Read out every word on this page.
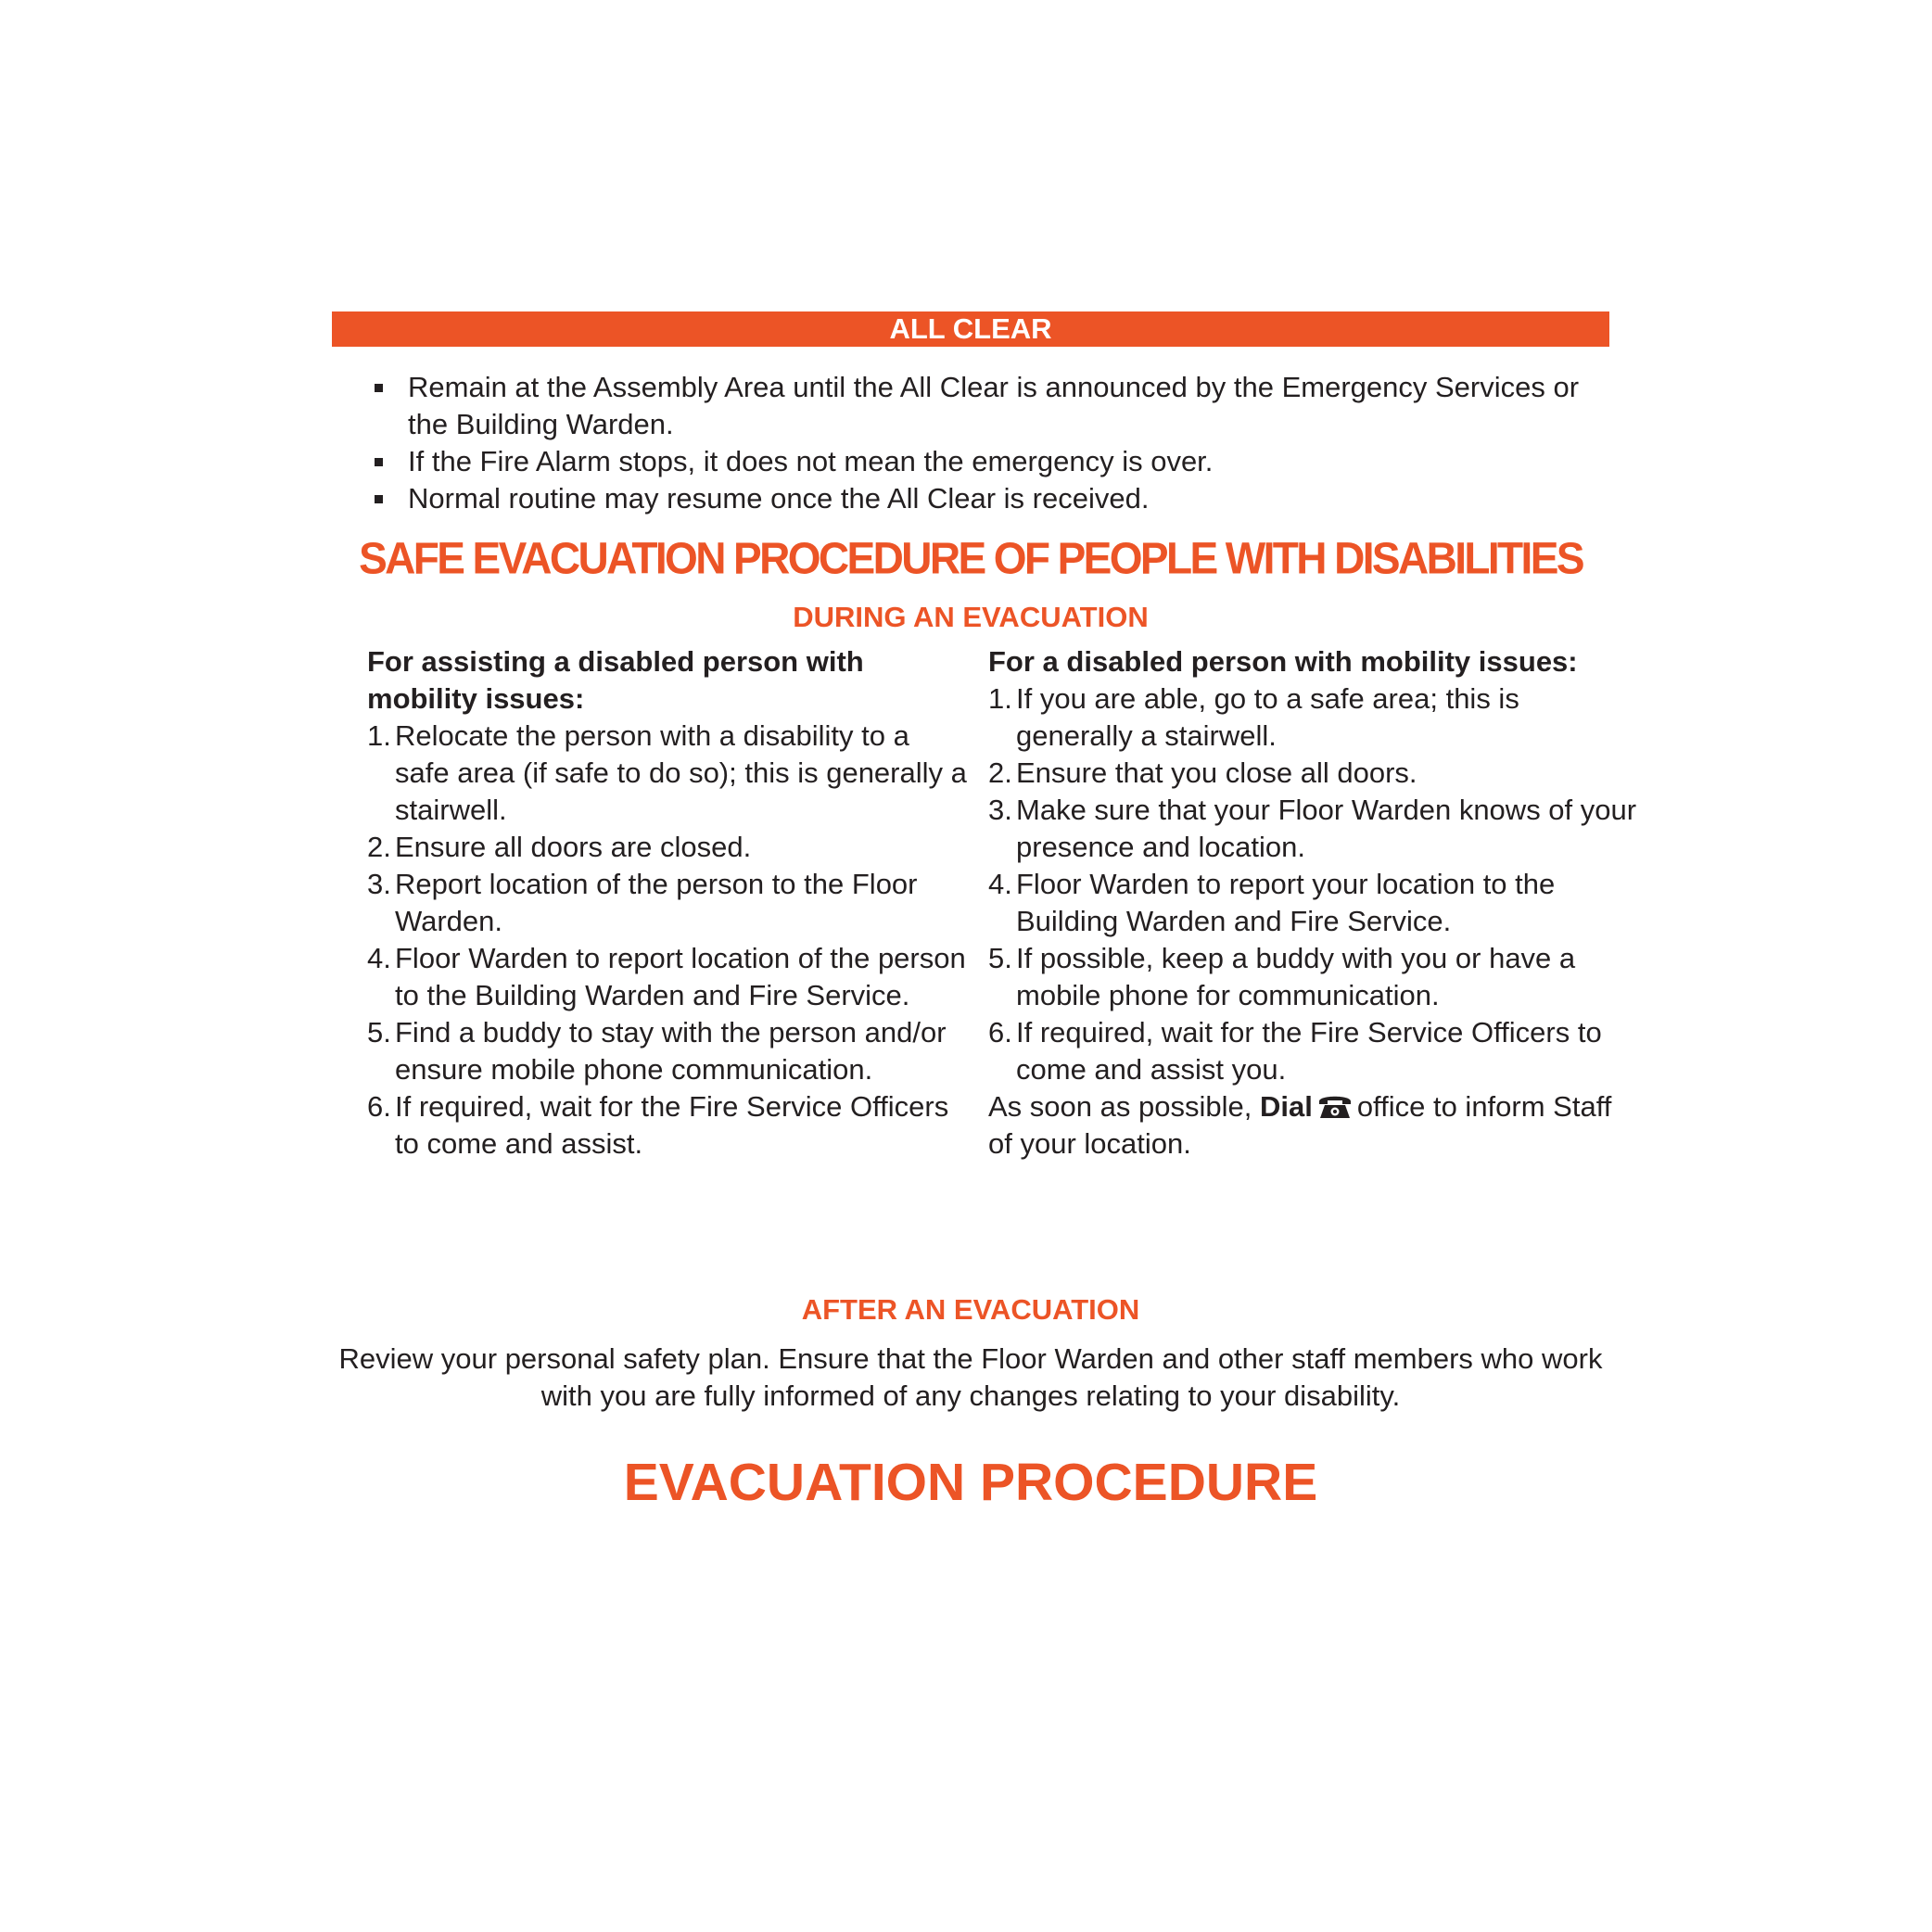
ALL CLEAR
Remain at the Assembly Area until the All Clear is announced by the Emergency Services or the Building Warden.
If the Fire Alarm stops, it does not mean the emergency is over.
Normal routine may resume once the All Clear is received.
SAFE EVACUATION PROCEDURE OF PEOPLE WITH DISABILITIES
DURING AN EVACUATION
For assisting a disabled person with mobility issues:
1. Relocate the person with a disability to a safe area (if safe to do so); this is generally a stairwell.
2. Ensure all doors are closed.
3. Report location of the person to the Floor Warden.
4. Floor Warden to report location of the person to the Building Warden and Fire Service.
5. Find a buddy to stay with the person and/or ensure mobile phone communication.
6. If required, wait for the Fire Service Officers to come and assist.
For a disabled person with mobility issues:
1. If you are able, go to a safe area; this is generally a stairwell.
2. Ensure that you close all doors.
3. Make sure that your Floor Warden knows of your presence and location.
4. Floor Warden to report your location to the Building Warden and Fire Service.
5. If possible, keep a buddy with you or have a mobile phone for communication.
6. If required, wait for the Fire Service Officers to come and assist you.
As soon as possible, Dial office to inform Staff of your location.
AFTER AN EVACUATION
Review your personal safety plan. Ensure that the Floor Warden and other staff members who work with you are fully informed of any changes relating to your disability.
EVACUATION PROCEDURE
